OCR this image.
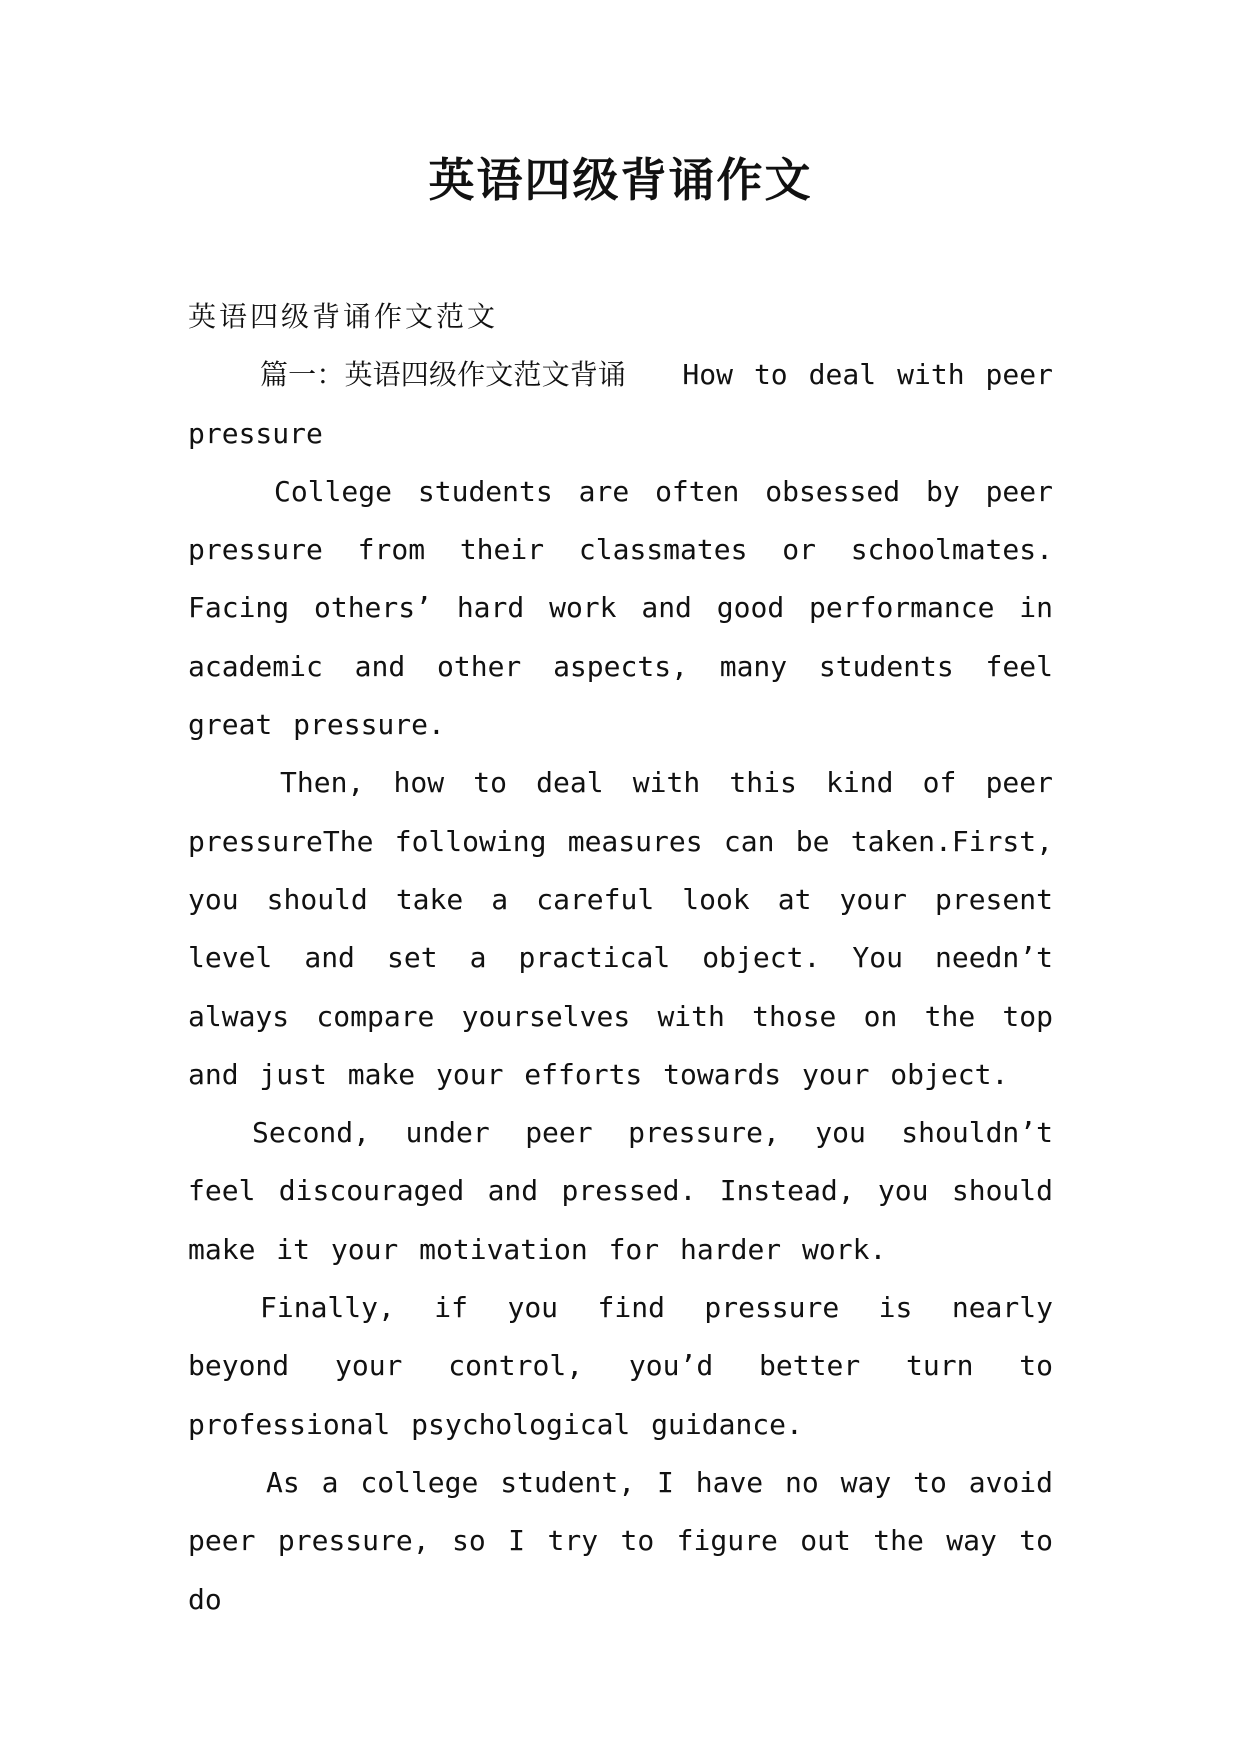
英语四级背诵作文

英语四级背诵作文范文

篇一：英语四级作文范文背诵　　How to deal with peer pressure

College students are often obsessed by peer pressure from their classmates or schoolmates. Facing others’ hard work and good performance in academic and other aspects, many students feel great pressure.

Then, how to deal with this kind of peer pressureThe following measures can be taken.First, you should take a careful look at your present level and set a practical object. You needn’t always compare yourselves with those on the top and just make your efforts towards your object.

Second, under peer pressure, you shouldn’t feel discouraged and pressed. Instead, you should make it your motivation for harder work.

Finally, if you find pressure is nearly beyond your control, you’d better turn to professional psychological guidance.

As a college student, I have no way to avoid peer pressure, so I try to figure out the way to do
